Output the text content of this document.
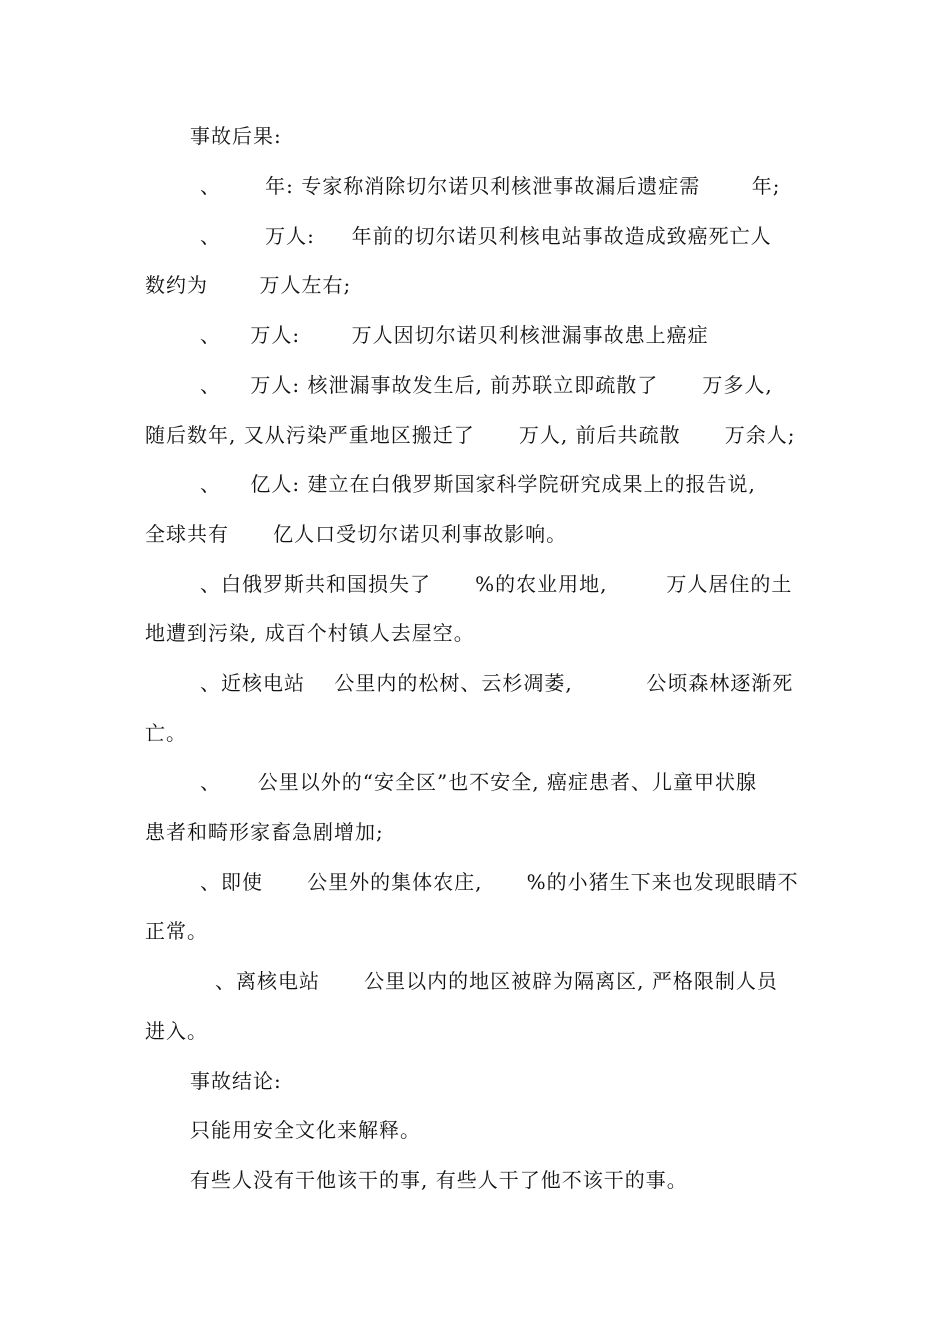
事故后果:
、      年: 专家称消除切尔诺贝利核泄事故漏后遗症需       年;
、      万人:     年前的切尔诺贝利核电站事故造成致癌死亡人
数约为       万人左右;
、    万人:       万人因切尔诺贝利核泄漏事故患上癌症
、    万人: 核泄漏事故发生后, 前苏联立即疏散了      万多人,
随后数年, 又从污染严重地区搬迁了      万人, 前后共疏散      万余人;
、    亿人: 建立在白俄罗斯国家科学院研究成果上的报告说,
全球共有      亿人口受切尔诺贝利事故影响。
、白俄罗斯共和国损失了      %的农业用地,        万人居住的土
地遭到污染, 成百个村镇人去屋空。
、近核电站    公里内的松树、云杉凋萎,          公顷森林逐渐死
亡。
、     公里以外的“安全区”也不安全, 癌症患者、儿童甲状腺
患者和畸形家畜急剧增加;
、即使      公里外的集体农庄,      %的小猪生下来也发现眼睛不
正常。
、离核电站      公里以内的地区被辟为隔离区, 严格限制人员
进入。
事故结论:
只能用安全文化来解释。
有些人没有干他该干的事, 有些人干了他不该干的事。
